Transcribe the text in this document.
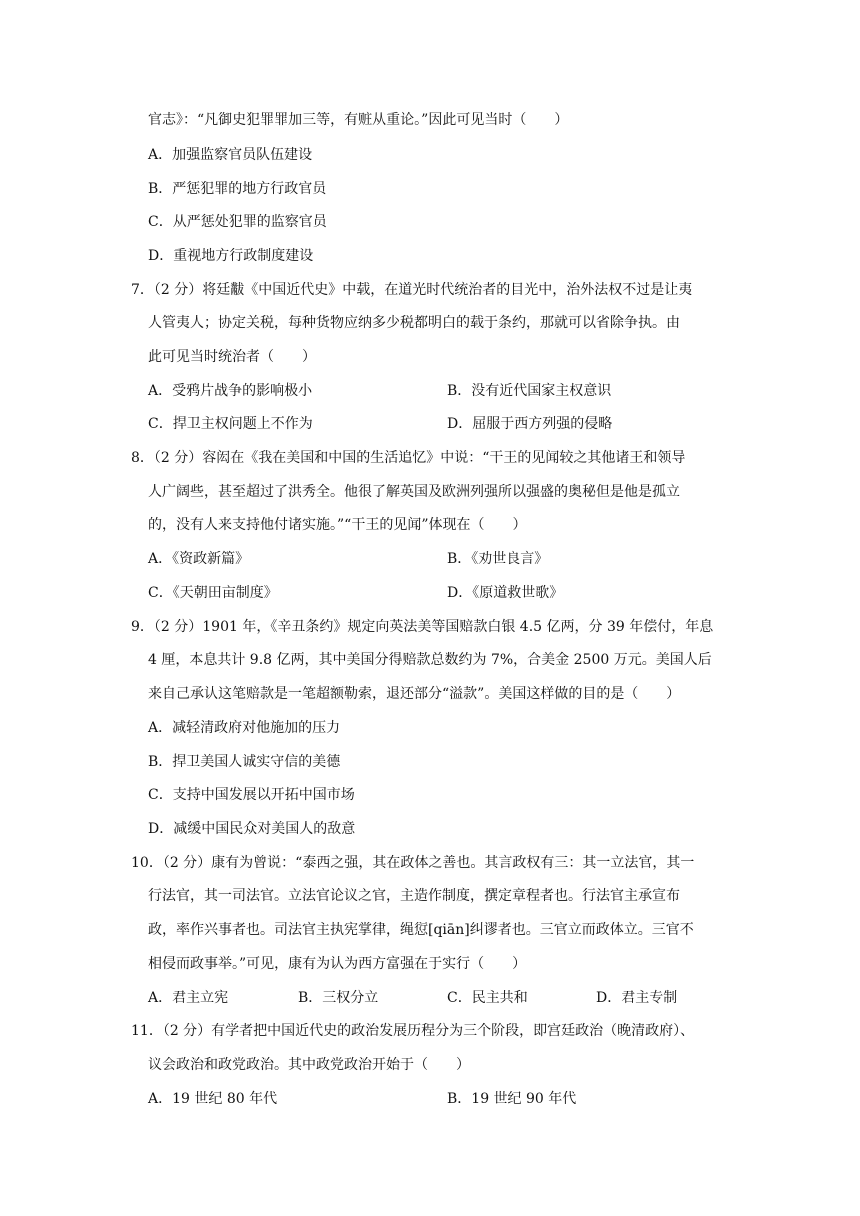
官志》：“凡御史犯罪罪加三等，有赃从重论。”因此可见当时（　　）
A．加强监察官员队伍建设
B．严惩犯罪的地方行政官员
C．从严惩处犯罪的监察官员
D．重视地方行政制度建设
7．（2 分）将廷黻《中国近代史》中载，在道光时代统治者的目光中，治外法权不过是让夷
人管夷人；协定关税，每种货物应纳多少税都明白的载于条约，那就可以省除争执。由
此可见当时统治者（　　）
A．受鸦片战争的影响极小	B．没有近代国家主权意识
C．捍卫主权问题上不作为	D．屈服于西方列强的侵略
8．（2 分）容闳在《我在美国和中国的生活追忆》中说：“干王的见闻较之其他诸王和领导
人广阔些，甚至超过了洪秀全。他很了解英国及欧洲列强所以强盛的奥秘但是他是孤立
的，没有人来支持他付诸实施。”“干王的见闻”体现在（　　）
A．《资政新篇》	B．《劝世良言》
C．《天朝田亩制度》	D．《原道救世歌》
9．（2 分）1901 年，《辛丑条约》规定向英法美等国赔款白银 4.5 亿两，分 39 年偿付，年息
4 厘，本息共计 9.8 亿两，其中美国分得赔款总数约为 7%，合美金 2500 万元。美国人后
来自己承认这笔赔款是一笔超额勒索，退还部分“溢款”。美国这样做的目的是（　　）
A．减轻清政府对他施加的压力
B．捍卫美国人诚实守信的美德
C．支持中国发展以开拓中国市场
D．减缓中国民众对美国人的敌意
10．（2 分）康有为曾说：“泰西之强，其在政体之善也。其言政权有三：其一立法官，其一
行法官，其一司法官。立法官论议之官，主造作制度，撰定章程者也。行法官主承宣布
政，率作兴事者也。司法官主执宪掌律，绳愆[qiān]纠谬者也。三官立而政体立。三官不
相侵而政事举。”可见，康有为认为西方富强在于实行（　　）
A．君主立宪	B．三权分立	C．民主共和	D．君主专制
11．（2 分）有学者把中国近代史的政治发展历程分为三个阶段，即宫廷政治（晚清政府）、
议会政治和政党政治。其中政党政治开始于（　　）
A．19 世纪 80 年代	B．19 世纪 90 年代
